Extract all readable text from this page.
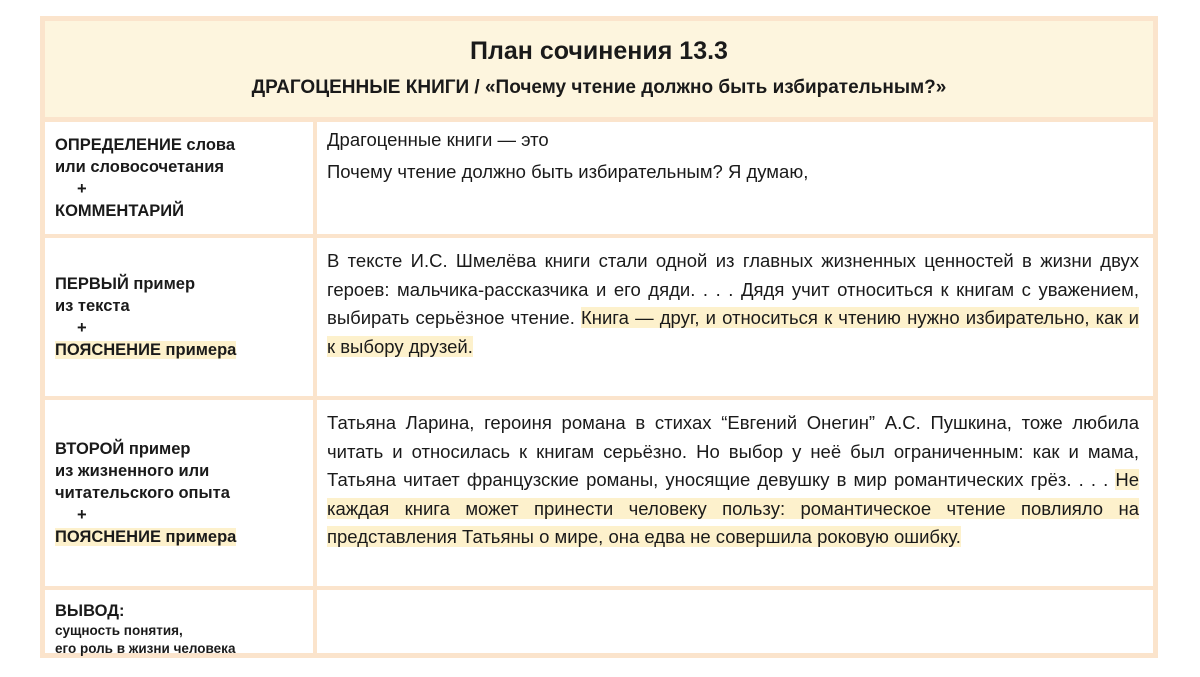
План сочинения 13.3
ДРАГОЦЕННЫЕ КНИГИ / «Почему чтение должно быть избирательным?»
ОПРЕДЕЛЕНИЕ слова
или словосочетания
+
КОММЕНТАРИЙ
Драгоценные книги — это
Почему чтение должно быть избирательным? Я думаю,
ПЕРВЫЙ пример
из текста
+
ПОЯСНЕНИЕ примера
В тексте И.С. Шмелёва книги стали одной из главных жизненных ценностей в жизни двух героев: мальчика-рассказчика и его дяди. . . . Дядя учит относиться к книгам с уважением, выбирать серьёзное чтение. Книга — друг, и относиться к чтению нужно избирательно, как и к выбору друзей.
ВТОРОЙ пример
из жизненного или
читательского опыта
+
ПОЯСНЕНИЕ примера
Татьяна Ларина, героиня романа в стихах “Евгений Онегин” А.С. Пушкина, тоже любила читать и относилась к книгам серьёзно. Но выбор у неё был ограниченным: как и мама, Татьяна читает французские романы, уносящие девушку в мир романтических грёз. . . . Не каждая книга может принести человеку пользу: романтическое чтение повлияло на представления Татьяны о мире, она едва не совершила роковую ошибку.
ВЫВОД:
сущность понятия,
его роль в жизни человека
